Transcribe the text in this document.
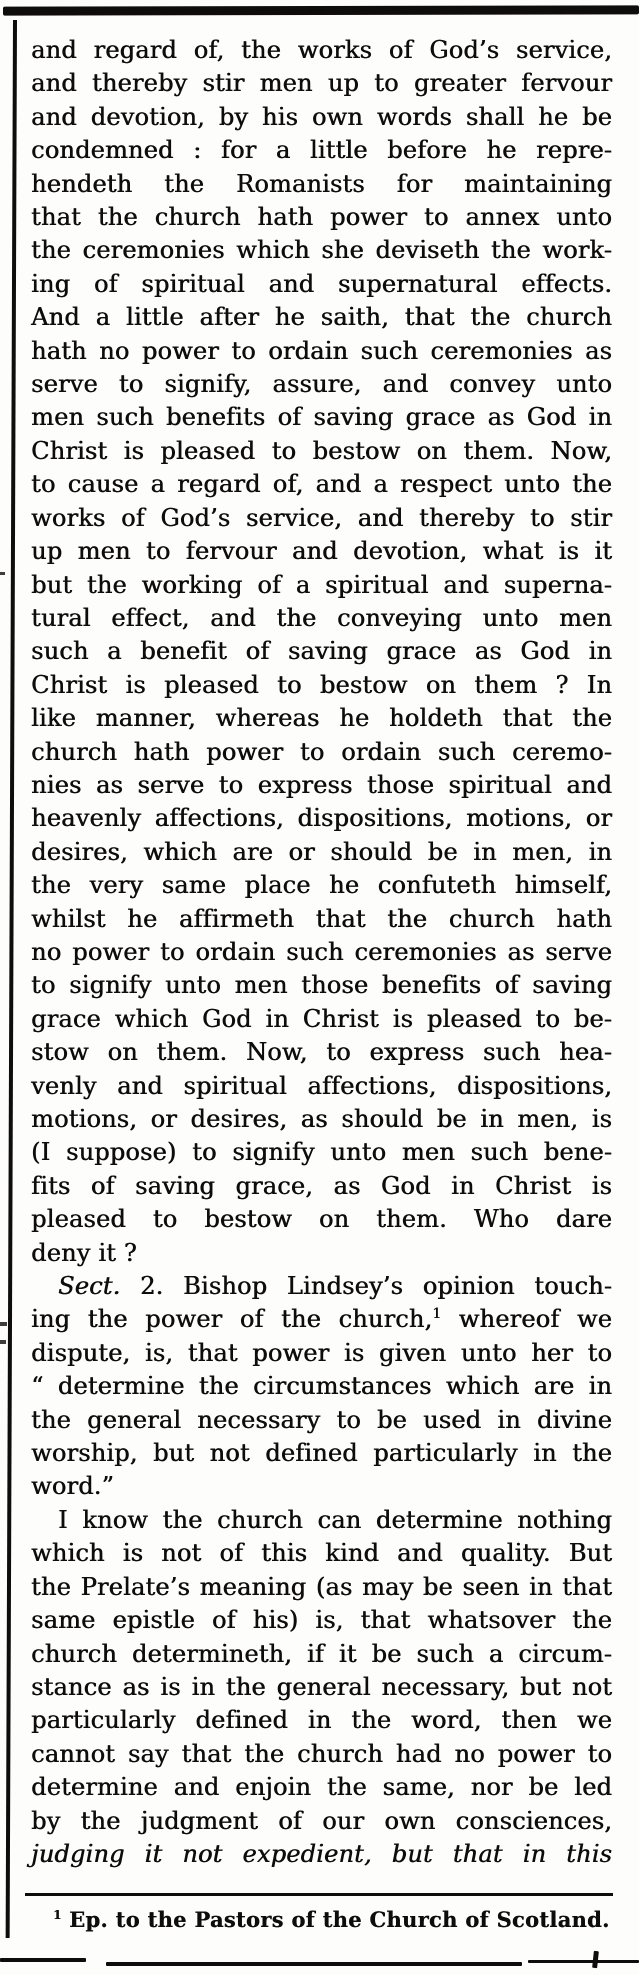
and regard of, the works of God’s service,
and thereby stir men up to greater fervour
and devotion, by his own words shall he be
condemned : for a little before he repre-
hendeth the Romanists for maintaining
that the church hath power to annex unto
the ceremonies which she deviseth the work-
ing of spiritual and supernatural effects.
And a little after he saith, that the church
hath no power to ordain such ceremonies as
serve to signify, assure, and convey unto
men such benefits of saving grace as God in
Christ is pleased to bestow on them. Now,
to cause a regard of, and a respect unto the
works of God’s service, and thereby to stir
up men to fervour and devotion, what is it
but the working of a spiritual and superna-
tural effect, and the conveying unto men
such a benefit of saving grace as God in
Christ is pleased to bestow on them ? In
like manner, whereas he holdeth that the
church hath power to ordain such ceremo-
nies as serve to express those spiritual and
heavenly affections, dispositions, motions, or
desires, which are or should be in men, in
the very same place he confuteth himself,
whilst he affirmeth that the church hath
no power to ordain such ceremonies as serve
to signify unto men those benefits of saving
grace which God in Christ is pleased to be-
stow on them. Now, to express such hea-
venly and spiritual affections, dispositions,
motions, or desires, as should be in men, is
(I suppose) to signify unto men such bene-
fits of saving grace, as God in Christ is
pleased to bestow on them. Who dare
deny it ?
Sect. 2. Bishop Lindsey’s opinion touch-
ing the power of the church,$^1$ whereof we
dispute, is, that power is given unto her to
“ determine the circumstances which are in
the general necessary to be used in divine
worship, but not defined particularly in the
word.”
I know the church can determine nothing
which is not of this kind and quality. But
the Prelate’s meaning (as may be seen in that
same epistle of his) is, that whatsover the
church determineth, if it be such a circum-
stance as is in the general necessary, but not
particularly defined in the word, then we
cannot say that the church had no power to
determine and enjoin the same, nor be led
by the judgment of our own consciences,
judging it not expedient, but that in this
$^1$ Ep. to the Pastors of the Church of Scotland.
